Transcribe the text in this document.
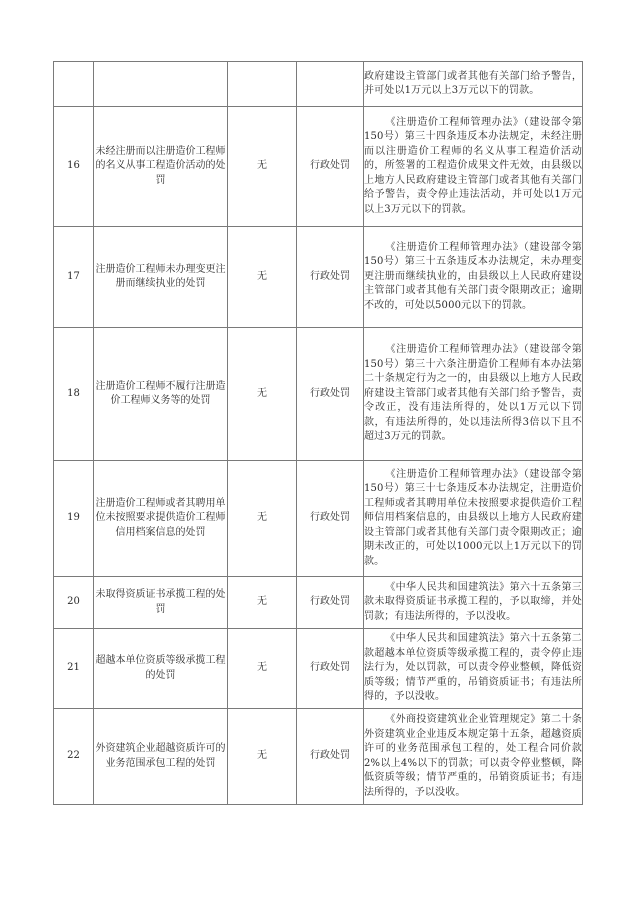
				政府建设主管部门或者其他有关部门给予警告，并可处以1万元以上3万元以下的罚款。
16	未经注册而以注册造价工程师的名义从事工程造价活动的处罚	无	行政处罚	《注册造价工程师管理办法》（建设部令第150号）第三十四条违反本办法规定，未经注册而以注册造价工程师的名义从事工程造价活动的，所签署的工程造价成果文件无效，由县级以上地方人民政府建设主管部门或者其他有关部门给予警告，责令停止违法活动，并可处以1万元以上3万元以下的罚款。
17	注册造价工程师未办理变更注册而继续执业的处罚	无	行政处罚	《注册造价工程师管理办法》（建设部令第150号）第三十五条违反本办法规定，未办理变更注册而继续执业的，由县级以上人民政府建设主管部门或者其他有关部门责令限期改正；逾期不改的，可处以5000元以下的罚款。
18	注册造价工程师不履行注册造价工程师义务等的处罚	无	行政处罚	《注册造价工程师管理办法》（建设部令第150号）第三十六条注册造价工程师有本办法第二十条规定行为之一的，由县级以上地方人民政府建设主管部门或者其他有关部门给予警告，责令改正，没有违法所得的，处以1万元以下罚款，有违法所得的，处以违法所得3倍以下且不超过3万元的罚款。
19	注册造价工程师或者其聘用单位未按照要求提供造价工程师信用档案信息的处罚	无	行政处罚	《注册造价工程师管理办法》（建设部令第150号）第三十七条违反本办法规定，注册造价工程师或者其聘用单位未按照要求提供造价工程师信用档案信息的，由县级以上地方人民政府建设主管部门或者其他有关部门责令限期改正；逾期未改正的，可处以1000元以上1万元以下的罚款。
20	未取得资质证书承揽工程的处罚	无	行政处罚	《中华人民共和国建筑法》第六十五条第三款未取得资质证书承揽工程的，予以取缔，并处罚款；有违法所得的，予以没收。
21	超越本单位资质等级承揽工程的处罚	无	行政处罚	《中华人民共和国建筑法》第六十五条第二款超越本单位资质等级承揽工程的，责令停止违法行为，处以罚款，可以责令停业整顿，降低资质等级；情节严重的，吊销资质证书；有违法所得的，予以没收。
22	外资建筑企业超越资质许可的业务范围承包工程的处罚	无	行政处罚	《外商投资建筑业企业管理规定》第二十条外资建筑业企业违反本规定第十五条，超越资质许可的业务范围承包工程的，处工程合同价款2%以上4%以下的罚款；可以责令停业整顿，降低资质等级；情节严重的，吊销资质证书；有违法所得的，予以没收。
